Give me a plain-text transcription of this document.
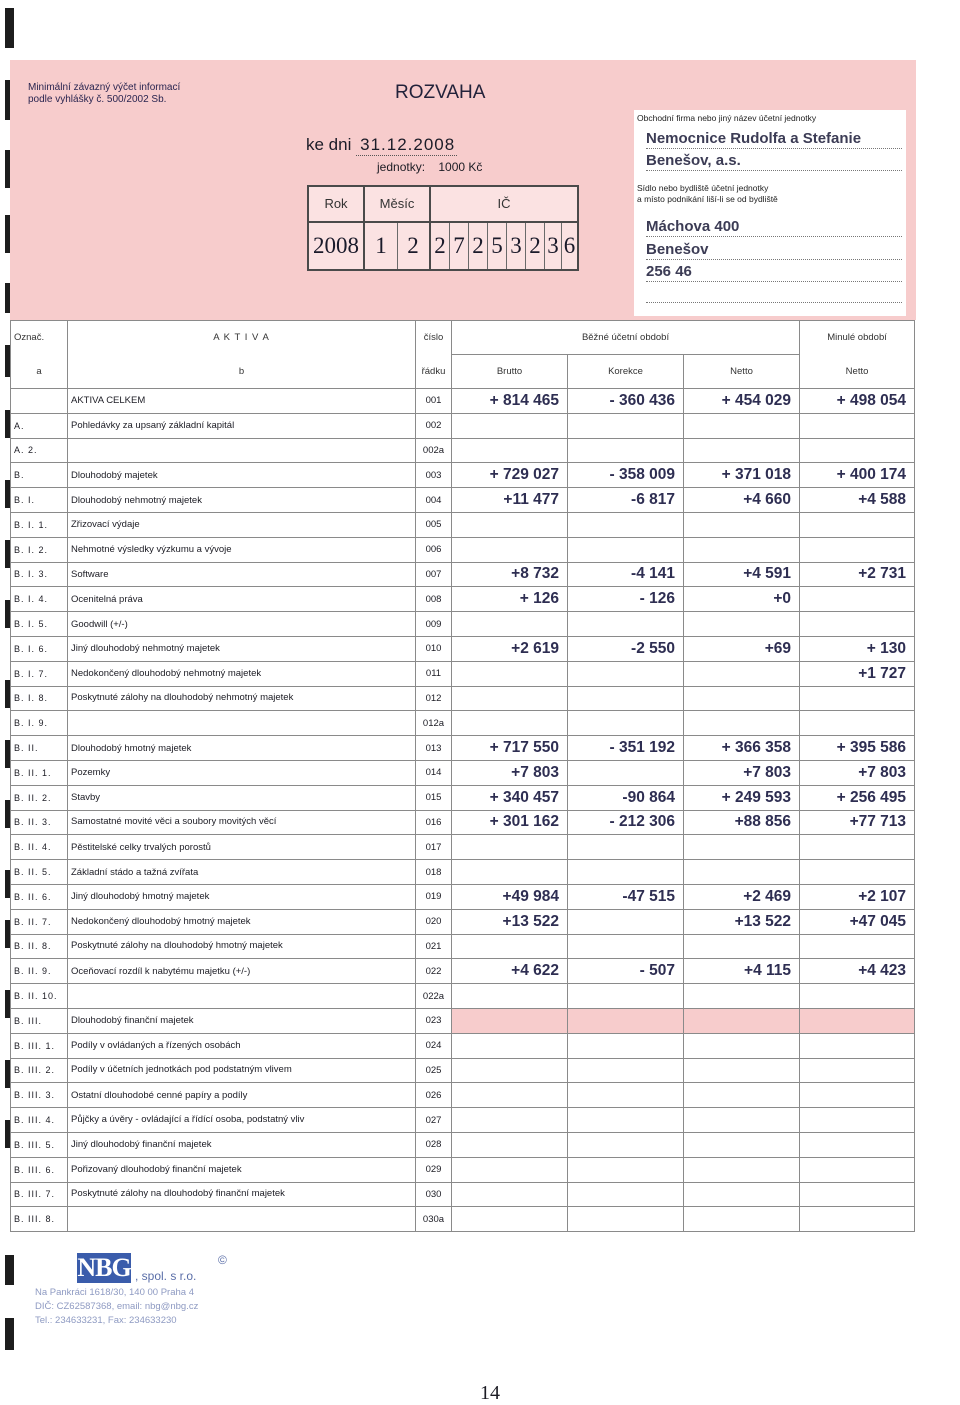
Minimální závazný výčet informací
podle vyhlášky č. 500/2002 Sb.	ROZVAHA
ke dni 31.12.2008
jednotky: 1000 Kč
Rok	Měsíc	IČ
2008 1 2 2 7 2 5 3 2 3 6
Obchodní firma nebo jiný název účetní jednotky
Nemocnice Rudolfa a Stefanie
Benešov, a.s.
Sídlo nebo bydliště účetní jednotky
a místo podnikání liší-li se od bydliště
Máchova 400
Benešov
256 46
Označ.	A K T I V A	číslo	Běžné účetní období			Minulé období
a	b	řádku	Brutto	Korekce	Netto	Netto
	AKTIVA CELKEM	001	+ 814 465	- 360 436	+ 454 029	+ 498 054
A.	Pohledávky za upsaný základní kapitál	002				
A. 2.		002a				
B.	Dlouhodobý majetek	003	+ 729 027	- 358 009	+ 371 018	+ 400 174
B. I.	Dlouhodobý nehmotný majetek	004	+11 477	-6 817	+4 660	+4 588
B. I. 1.	Zřizovací výdaje	005				
B. I. 2.	Nehmotné výsledky výzkumu a vývoje	006				
B. I. 3.	Software	007	+8 732	-4 141	+4 591	+2 731
B. I. 4.	Ocenitelná práva	008	+ 126	- 126	+0	
B. I. 5.	Goodwill (+/-)	009				
B. I. 6.	Jiný dlouhodobý nehmotný majetek	010	+2 619	-2 550	+69	+ 130
B. I. 7.	Nedokončený dlouhodobý nehmotný majetek	011				+1 727
B. I. 8.	Poskytnuté zálohy na dlouhodobý nehmotný majetek	012				
B. I. 9.		012a				
B. II.	Dlouhodobý hmotný majetek	013	+ 717 550	- 351 192	+ 366 358	+ 395 586
B. II. 1.	Pozemky	014	+7 803		+7 803	+7 803
B. II. 2.	Stavby	015	+ 340 457	-90 864	+ 249 593	+ 256 495
B. II. 3.	Samostatné movité věci a soubory movitých věcí	016	+ 301 162	- 212 306	+88 856	+77 713
B. II. 4.	Pěstitelské celky trvalých porostů	017				
B. II. 5.	Základní stádo a tažná zvířata	018				
B. II. 6.	Jiný dlouhodobý hmotný majetek	019	+49 984	-47 515	+2 469	+2 107
B. II. 7.	Nedokončený dlouhodobý hmotný majetek	020	+13 522		+13 522	+47 045
B. II. 8.	Poskytnuté zálohy na dlouhodobý hmotný majetek	021				
B. II. 9.	Oceňovací rozdíl k nabytému majetku (+/-)	022	+4 622	- 507	+4 115	+4 423
B. II. 10.		022a				
B. III.	Dlouhodobý finanční majetek	023				
B. III. 1.	Podíly v ovládaných a řízených osobách	024				
B. III. 2.	Podíly v účetních jednotkách pod podstatným vlivem	025				
B. III. 3.	Ostatní dlouhodobé cenné papíry a podíly	026				
B. III. 4.	Půjčky a úvěry - ovládající a řídící osoba, podstatný vliv	027				
B. III. 5.	Jiný dlouhodobý finanční majetek	028				
B. III. 6.	Pořizovaný dlouhodobý finanční majetek	029				
B. III. 7.	Poskytnuté zálohy na dlouhodobý finanční majetek	030				
B. III. 8.		030a				
NBG , spol. s r.o.
©
Na Pankráci 1618/30, 140 00 Praha 4
DIČ: CZ62587368, email: nbg@nbg.cz
Tel.: 234633231, Fax: 234633230
14
